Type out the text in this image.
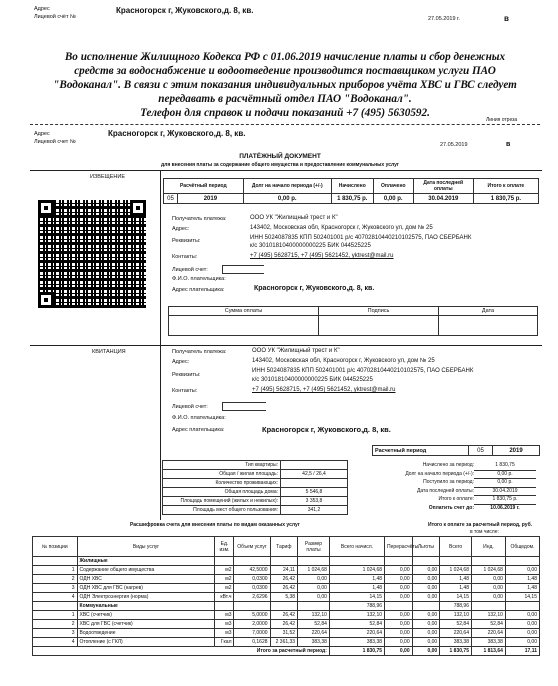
Адрес
Лицевой счёт №
Красногорск г, Жуковского,д. 8, кв.
27.05.2019 г.	в
Во исполнение Жилищного Кодекса РФ с 01.06.2019 начисление платы и сбор денежных
средств за водоснабжение и водоотведение производится поставщиком услуги ПАО
"Водоканал". В связи с этим показания индивидуальных приборов учёта ХВС и ГВС следует
передавать в расчётный отдел ПАО "Водоканал".
Телефон для справок и подачи показаний +7 (495) 5630592.
Линия отреза
Адрес
Лицевой счет №
Красногорск г, Жуковского,д. 8, кв.
27.05.2019	в
ПЛАТЁЖНЫЙ ДОКУМЕНТ
для внесения платы за содержание общего имущества и предоставление коммунальных услуг
ИЗВЕЩЕНИЕ
Расчётный период		Долг на начало периода (+/-)	Начислено	Оплачено	Дата последней оплаты	Итого к оплате
05	2019	0,00 р.	1 830,75 р.	0,00 р.	30.04.2019	1 830,75 р.
Получатель платежа:	ООО УК "Жилищный трест и К"
Адрес:	143402, Московская обл, Красногорск г, Жуковского ул, дом № 25
Реквизиты:	ИНН 5024087835 КПП 502401001 р/с 40702810440210102575, ПАО СБЕРБАНК
к/с 30101810400000000225 БИК 044525225
Контакты:	+7 (495) 5628715, +7 (495) 5621452, yktrest@mail.ru
Лицевой счет:
Ф.И.О. плательщика:
Адрес плательщика:	Красногорск г, Жуковского,д. 8, кв.
Сумма оплаты	Подпись	Дата

КВИТАНЦИЯ	Получатель платежа:	ООО УК "Жилищный трест и К"
Адрес:	143402, Московская обл, Красногорск г, Жуковского ул, дом № 25
Реквизиты:
ИНН 5024087835 КПП 502401001 р/с 40702810440210102575, ПАО СБЕРБАНК
к/с 30101810400000000225 БИК 044525225
Контакты:	+7 (495) 5628715, +7 (495) 5621452, yktrest@mail.ru
Лицевой счет:
Ф.И.О. плательщика:
Адрес плательщика:	Красногорск г, Жуковского,д. 8, кв.
Расчетный период	05	2019
Тип квартиры:	
Общая / жилая площадь:	42,5 / 26,4
Количество проживающих:	
Общая площадь дома:	5 546,8
Площадь помещений (жилых и нежилых):	3 353,8
Площадь мест общего пользования:	341,2
Начислено за период:	1 830,75
Долг на начало периода (+/-):	0,00 р.
Поступило за период:	0,00 р.
Дата последней оплаты:	30.04.2019
Итого к оплате:	1 830,75 р.
Оплатить счет до:	10.06.2019 г.
Расшифровка счета для внесения платы по видам оказанных услуг	Итого к оплате за расчетный период, руб.
в том числе:
№ позиции	Виды услуг	Ед. изм.	Объем услуг	Тариф	Размер платы	Всего начисл.	Перерасчёты	Льготы	Всего	Инд.	Общедом.
	Жилищные										
1	Содержание общего имущества	м2	42,5000	24,11	1 024,68	1 024,68	0,00	0,00	1 024,68	1 024,68	0,00
2	ОДН ХВС	м2	0,0300	26,42	0,00	1,48	0,00	0,00	1,48	0,00	1,48
3	ОДН ХВС для ГВС (нагрев)	м2	0,0300	26,42	0,00	1,48	0,00	0,00	1,48	0,00	1,48
4	ОДН Электроэнергия (норма)	кВт.ч	2,6296	5,38	0,00	14,15	0,00	0,00	14,15	0,00	14,15
	Коммунальные					788,96			788,96		
1	ХВС (счетчик)	м3	5,0000	26,42	132,10	132,10	0,00	0,00	132,10	132,10	0,00
2	ХВС для ГВС (счетчик)	м3	2,0000	26,42	52,84	52,84	0,00	0,00	52,84	52,84	0,00
3	Водоотведение	м3	7,0000	31,52	220,64	220,64	0,00	0,00	220,64	220,64	0,00
4	Отопление (с ГКЛ)	Гкал	0,1628	2 361,33	383,38	383,38	0,00	0,00	383,38	383,38	0,00
Итого за расчетный период:						1 830,75	0,00	0,00	1 830,75	1 813,64	17,11
